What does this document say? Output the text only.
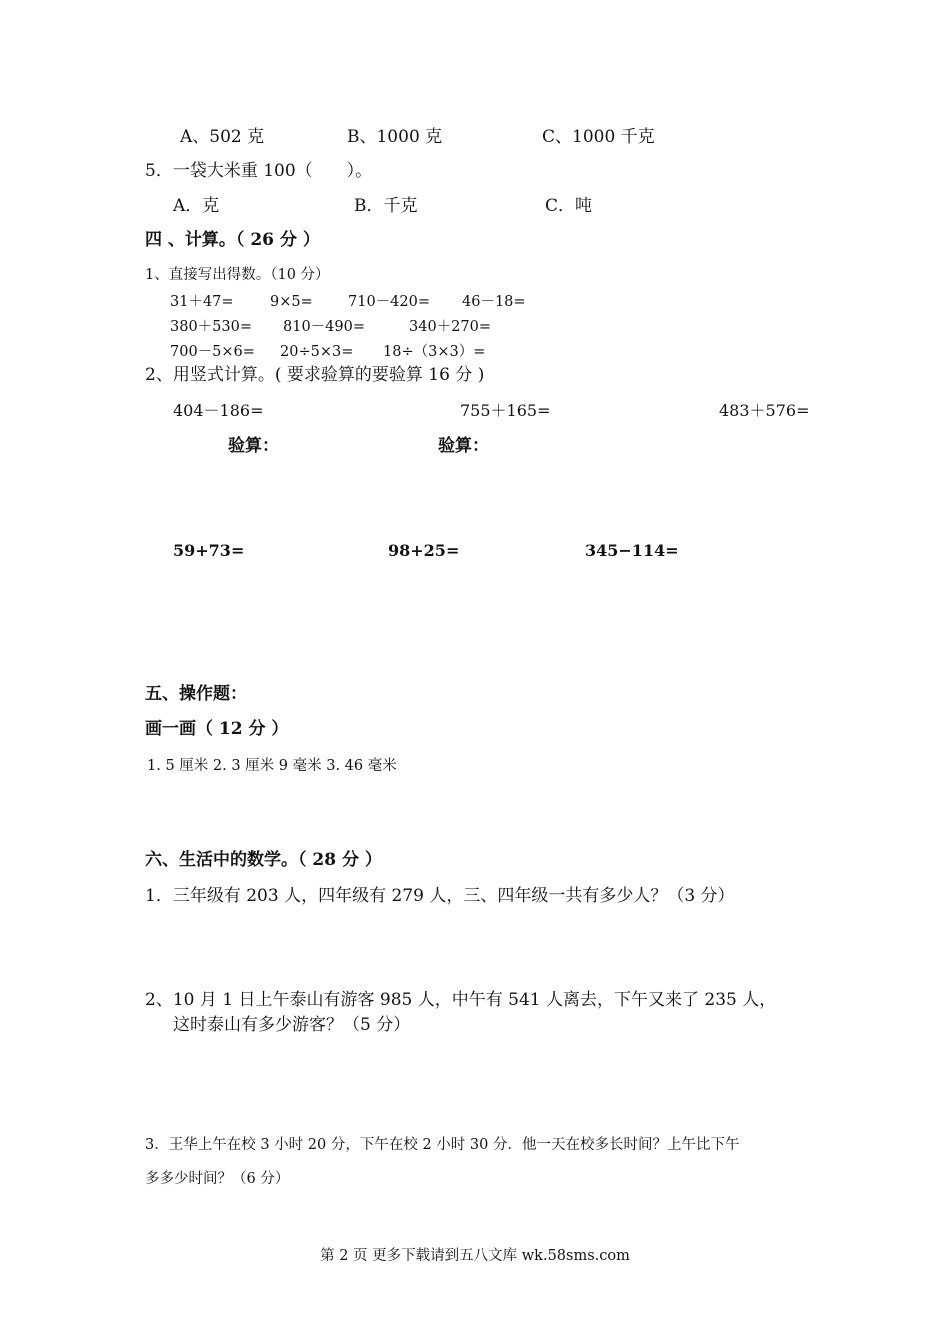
A、502 克	B、1000 克	C、1000 千克
5．一袋大米重 100（　　）。
A．克	B．千克	C．吨
四 、计算。（ 26 分 ）
1、直接写出得数。（10 分）
31＋47=	9×5= 710－420= 46－18=
380＋530= 810－490=	340＋270=
700－5×6= 20÷5×3= 18÷（3×3）=
2、用竖式计算。( 要求验算的要验算 16 分 )
404－186=	755＋165=	483＋576=
验算：	验算：
59+73=	98+25=	345−114=
五、操作题：
画一画（ 12 分 ）
1. 5 厘米 2. 3 厘米 9 毫米 3. 46 毫米
六、生活中的数学。（ 28 分 ）
1．三年级有 203 人，四年级有 279 人，三、四年级一共有多少人？（3 分）
2、10 月 1 日上午泰山有游客 985 人，中午有 541 人离去，下午又来了 235 人，
这时泰山有多少游客？（5 分）
3．王华上午在校 3 小时 20 分，下午在校 2 小时 30 分．他一天在校多长时间？上午比下午
多多少时间？（6 分）
第 2 页 更多下载请到五八文库 wk.58sms.com
